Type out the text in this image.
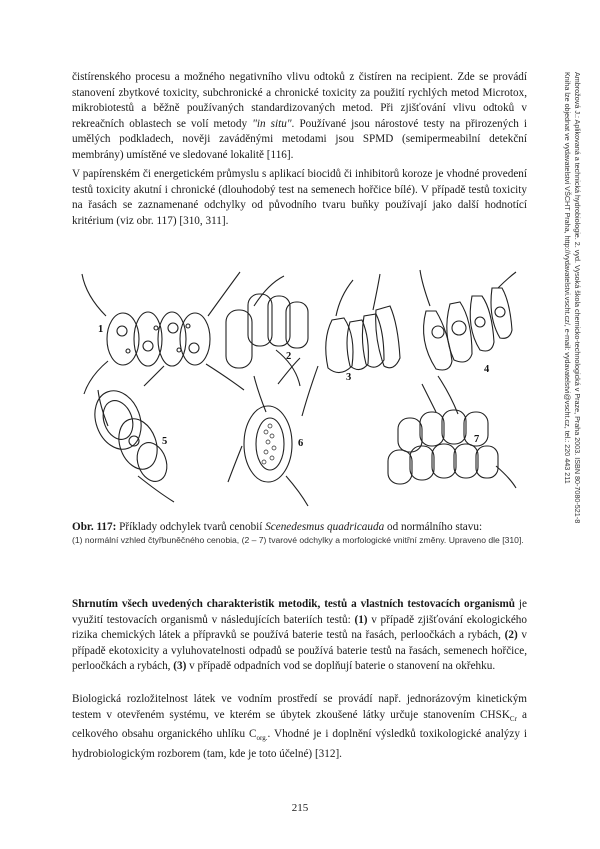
Ambrožová J.: Aplikovaná a technická hydrobiologie. 2. vyd. Vysoká škola chemicko-technologická v Praze, Praha 2003. ISBN 80-7080-521-8
Kniha lze objednat ve vydavatelství VŠCHT Praha, http://vydavatelstvi.vscht.cz/, e-mail: vydavatelstvi@vscht.cz, tel.: 220 443 211

čistírenského procesu a možného negativního vlivu odtoků z čistíren na recipient. Zde se provádí stanovení zbytkové toxicity, subchronické a chronické toxicity za použití rychlých metod Microtox, mikrobiotestů a běžně používaných standardizovaných metod. Při zjišťování vlivu odtoků v rekreačních oblastech se volí metody "in situ". Používané jsou nárostové testy na přirozených i umělých podkladech, nověji zaváděnými metodami jsou SPMD (semipermeabilní detekční membrány) umístěné ve sledované lokalitě [116].

V papírenském či energetickém průmyslu s aplikací biocidů či inhibitorů koroze je vhodné provedení testů toxicity akutní i chronické (dlouhodobý test na semenech hořčice bílé). V případě testů toxicity na řasách se zaznamenané odchylky od původního tvaru buňky používají jako další hodnotící kritérium (viz obr. 117) [310, 311].

1
2
3
4
5	6	7
Obr. 117: Příklady odchylek tvarů cenobií Scenedesmus quadricauda od normálního stavu:
(1) normální vzhled čtyřbuněčného cenobia, (2 – 7) tvarové odchylky a morfologické vnitřní změny. Upraveno dle [310].

Shrnutím všech uvedených charakteristik metodik, testů a vlastních testovacích organismů je využití testovacích organismů v následujících bateriích testů: (1) v případě zjišťování ekologického rizika chemických látek a přípravků se používá baterie testů na řasách, perloočkách a rybách, (2) v případě ekotoxicity a vyluhovatelnosti odpadů se používá baterie testů na řasách, semenech hořčice, perloočkách a rybách, (3) v případě odpadních vod se doplňují baterie o stanovení na okřehku.

Biologická rozložitelnost látek ve vodním prostředí se provádí např. jednorázovým kinetickým testem v otevřeném systému, ve kterém se úbytek zkoušené látky určuje stanovením $CHSK_{Cr}$ a celkového obsahu organického uhlíku $C_{org.}$. Vhodné je i doplnění výsledků toxikologické analýzy i hydrobiologickým rozborem (tam, kde je toto účelné) [312].

215
